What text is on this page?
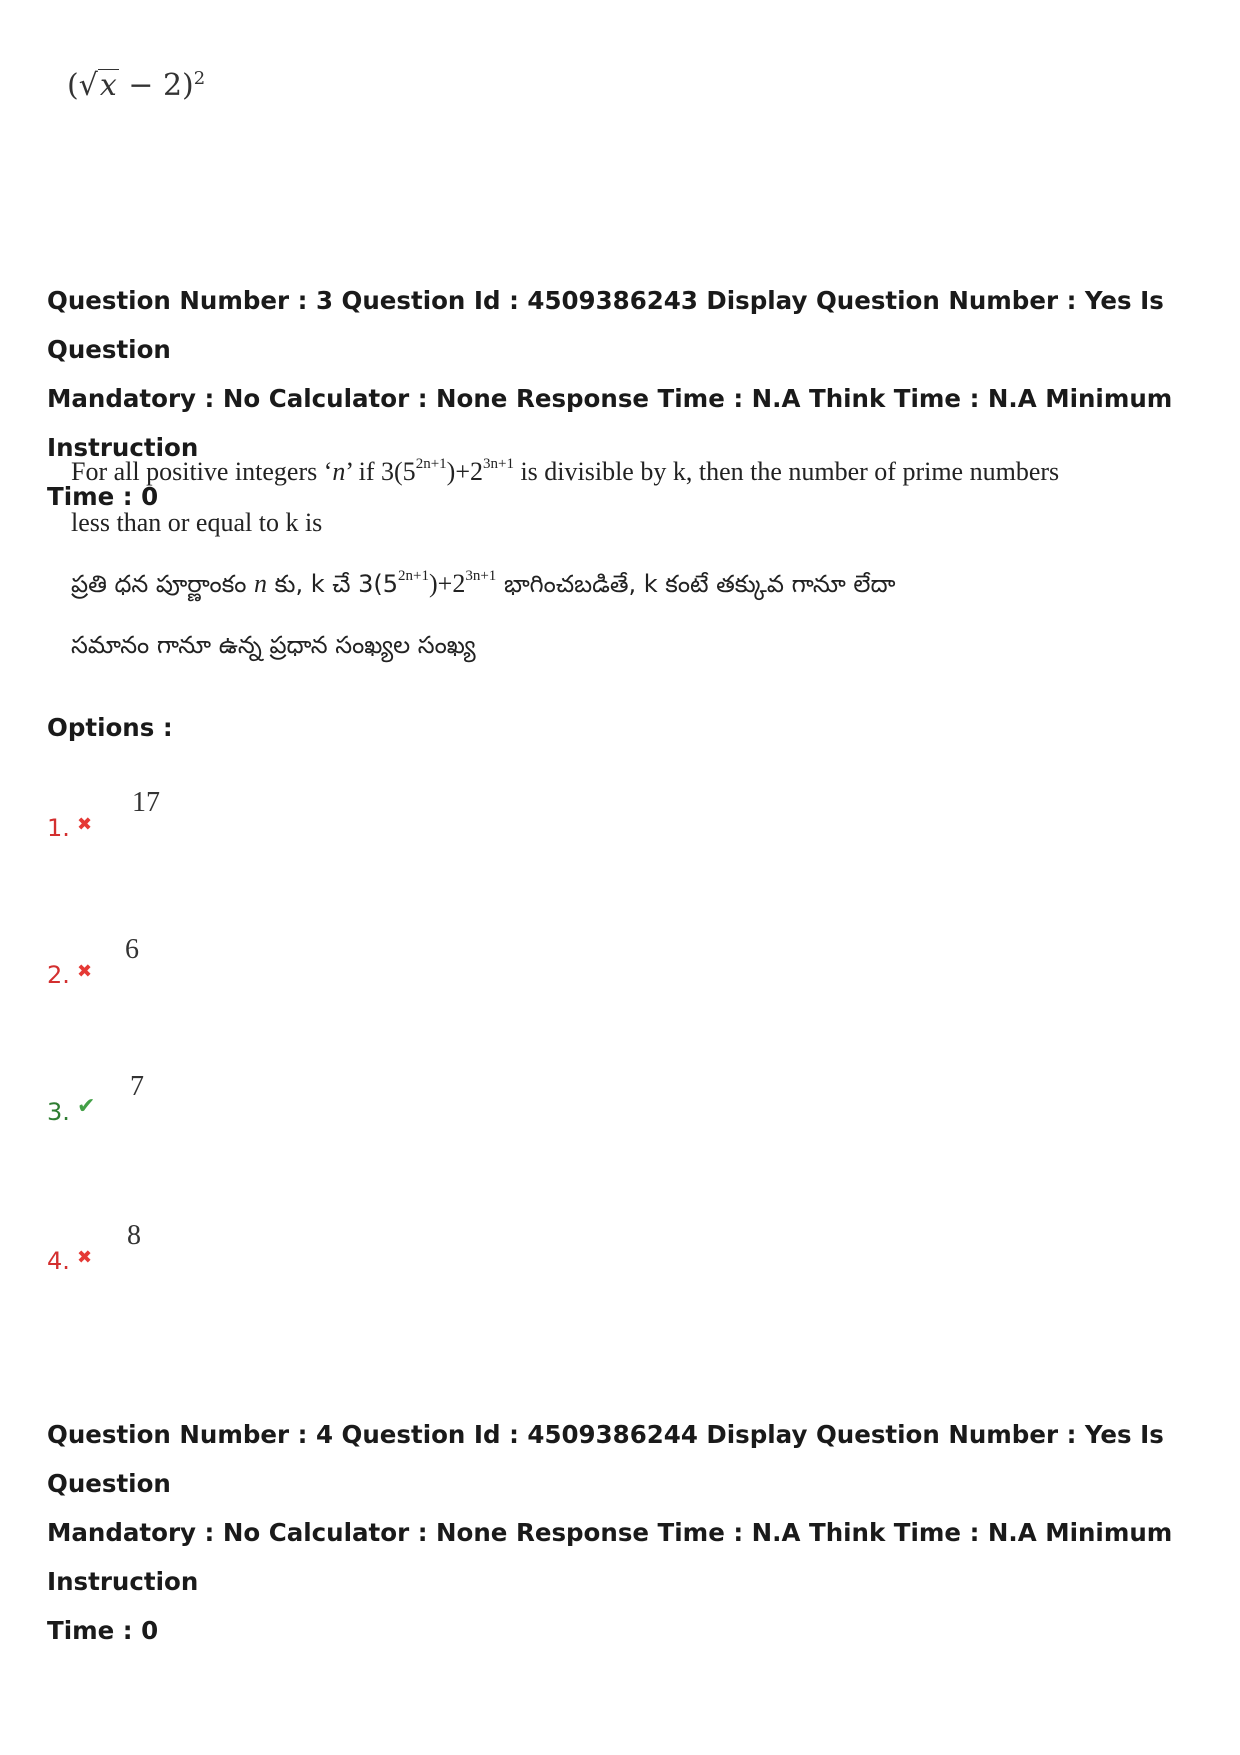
$(√x - 2)^2$
Question Number : 3 Question Id : 4509386243 Display Question Number : Yes Is Question
Mandatory : No Calculator : None Response Time : N.A Think Time : N.A Minimum Instruction
Time : 0
For all positive integers ‘n’ if $3(5^{2n+1})+2^{3n+1}$ is divisible by k, then the number of prime numbers
less than or equal to k is
ప్రతి ధన పూర్ణాంకం n కు, k చే $3(5^{2n+1})+2^{3n+1}$ భాగించబడితే, k కంటే తక్కువ గానూ లేదా
సమానం గానూ ఉన్న ప్రధాన సంఖ్యల సంఖ్య
Options :
1. ✖
17
2. ✖
6
3. ✔
7
4. ✖
8
Question Number : 4 Question Id : 4509386244 Display Question Number : Yes Is Question
Mandatory : No Calculator : None Response Time : N.A Think Time : N.A Minimum Instruction
Time : 0
